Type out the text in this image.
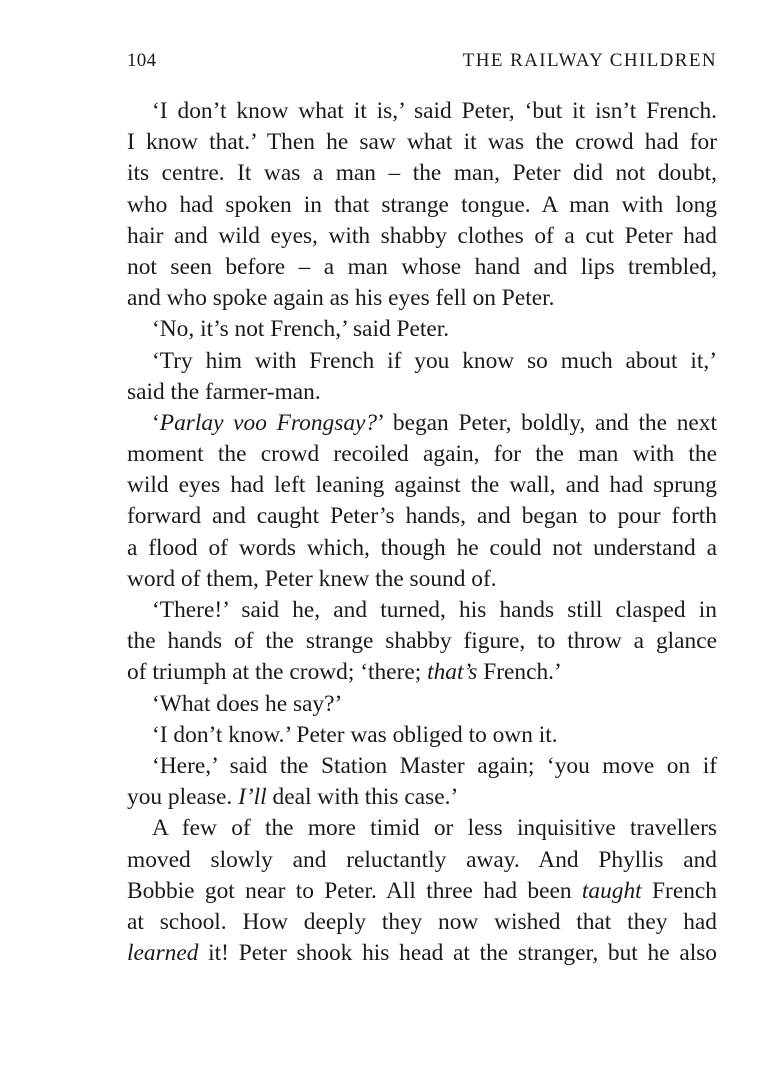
104	THE RAILWAY CHILDREN
‘I don’t know what it is,’ said Peter, ‘but it isn’t French.
I know that.’ Then he saw what it was the crowd had for
its centre. It was a man – the man, Peter did not doubt,
who had spoken in that strange tongue. A man with long
hair and wild eyes, with shabby clothes of a cut Peter had
not seen before – a man whose hand and lips trembled,
and who spoke again as his eyes fell on Peter.
‘No, it’s not French,’ said Peter.
‘Try him with French if you know so much about it,’
said the farmer-man.
‘Parlay voo Frongsay?’ began Peter, boldly, and the next
moment the crowd recoiled again, for the man with the
wild eyes had left leaning against the wall, and had sprung
forward and caught Peter’s hands, and began to pour forth
a flood of words which, though he could not understand a
word of them, Peter knew the sound of.
‘There!’ said he, and turned, his hands still clasped in
the hands of the strange shabby figure, to throw a glance
of triumph at the crowd; ‘there; that’s French.’
‘What does he say?’
‘I don’t know.’ Peter was obliged to own it.
‘Here,’ said the Station Master again; ‘you move on if
you please. I’ll deal with this case.’
A few of the more timid or less inquisitive travellers
moved slowly and reluctantly away. And Phyllis and
Bobbie got near to Peter. All three had been taught French
at school. How deeply they now wished that they had
learned it! Peter shook his head at the stranger, but he also
